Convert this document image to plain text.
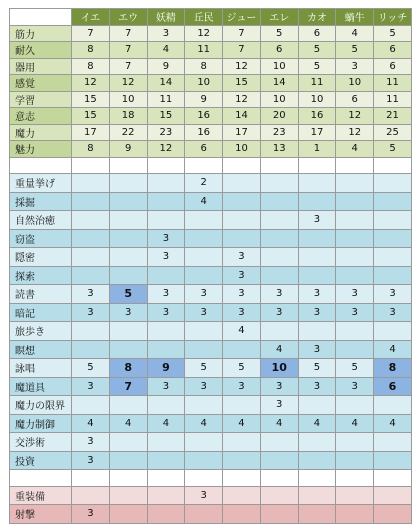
	イエ	エウ	妖精	丘民	ジュー	エレ	カオ	蝸牛	リッチ
筋力	7	7	3	12	7	5	6	4	5
耐久	8	7	4	11	7	6	5	5	6
器用	8	7	9	8	12	10	5	3	6
感覚	12	12	14	10	15	14	11	10	11
学習	15	10	11	9	12	10	10	6	11
意志	15	18	15	16	14	20	16	12	21
魔力	17	22	23	16	17	23	17	12	25
魅力	8	9	12	6	10	13	1	4	5

重量挙げ				2					
採掘				4					
自然治癒							3		
窃盗			3						
隠密			3		3				
探索					3				
読書	3	5	3	3	3	3	3	3	3
暗記	3	3	3	3	3	3	3	3	3
旅歩き					4				
瞑想						4	3		4
詠唱	5	8	9	5	5	10	5	5	8
魔道具	3	7	3	3	3	3	3	3	6
魔力の限界						3			
魔力制御	4	4	4	4	4	4	4	4	4
交渉術	3								
投資	3								

重装備				3					
射撃	3								
